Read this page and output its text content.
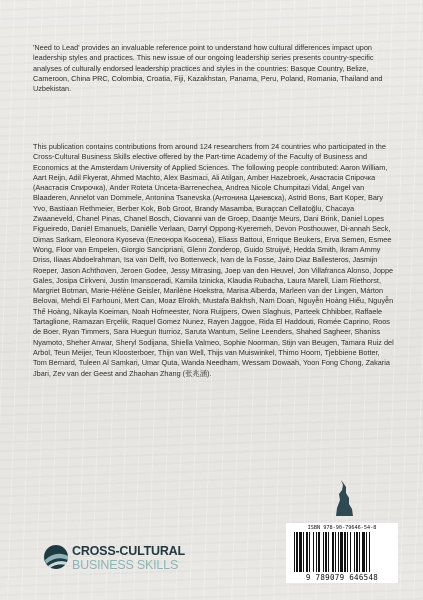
'Need to Lead' provides an invaluable reference point to understand how cultural differences impact upon leadership styles and practices. This new issue of our ongoing leadership series presents country-specific analyses of culturally endorsed leadership practices and styles in the countries: Basque Country, Belize, Cameroon, China PRC, Colombia, Croatia, Fiji, Kazakhstan, Panama, Peru, Poland, Romania, Thailand and Uzbekistan.

This publication contains contributions from around 124 researchers from 24 countries who participated in the Cross-Cultural Business Skills elective offered by the Part-time Academy of the Faculty of Business and Economics at the Amsterdam University of Applied Sciences. The following people contributed: Aaron William, Aart Reijn, Adil Fkyerat, Ahmed Machto, Alex Basmaci, Ali Atilgan, Amber Hazebroek, Анастасія Спірочка (Анастасія Спирочка), Ander Roteta Unceta-Barrenechea, Andrea Nicole Chumpitazi Vidal, Angel van Blaaderen, Annelot van Dommele, Antonina Tsanevska (Антонина Цаневска), Astrid Bons, Bart Koper, Bary Yvo, Bastiaan Rethmeier, Berber Kok, Bob Groot, Brandy Masamba, Buraçcan Cellatoğlu, Chacaya Zwaaneveld, Chanel Pinas, Chanel Bosch, Ciovanni van de Groep, Daantje Meurs, Dani Brink, Daniel Lopes Figueiredo, Daniël Emanuels, Daniëlle Verlaan, Darryl Oppong-Kyeremeh, Devon Posthouwer, Di-annah Seck, Dimas Sarkam, Eleonora Kyoseva (Елеонора Кьосева), Eliass Battoui, Enrique Beukers, Erva Semen, Esmee Wong, Floor van Empelen, Giorgio Sancipriani, Glenn Zonderop, Guido Struijvé, Hedda Smith, Ikram Ammy Driss, Iliaas Abdoelrahman, Isa van Delft, Ivo Botterweck, Ivan de la Fosse, Jairo Diaz Ballesteros, Jasmijn Roeper, Jason Achthoven, Jeroen Godee, Jessy Mitrasing, Joep van den Heuvel, Jon Villafranca Alonso, Joppe Gales, Josipa Cirkveni, Justin Imansoeradi, Kamila Izinicka, Klaudia Rubacha, Laura Marell, Liam Riethorst, Margriet Botman, Marie-Hélène Geisler, Marilène Hoekstra, Marisa Alberda, Marleen van der Lingen, Márton Belovai, Mehdi El Farhouni, Mert Can, Moaz Elrokh, Mustafa Bakhsh, Nam Doan, Nguyễn Hoàng Hiếu, Nguyễn Thế Hoàng, Nikayla Koeiman, Noah Hofmeester, Nora Ruijpers, Owen Slaghuis, Parteek Chhibber, Raffaele Tartaglione, Ramazan Erçelik, Raquel Gomez Nunez, Rayen Jaggoe, Rida El Haddouti, Romée Caprino, Roos de Boer, Ryan Timmers, Sara Huegun Iturrioz, Saruta Wantum, Seline Leenders, Shahed Sagheer, Shaniss Nyamoto, Sheher Anwar, Sheryl Sodijana, Shiella Valmeo, Sophie Noorman, Stijn van Beugen, Tamara Ruiz del Arbol, Teun Meijer, Teun Kloosterboer, Thijn van Well, Thijs van Muiswinkel, Thimo Hoorn, Tjebbiene Botter, Tom Bernard, Tuleen Al Samkari, Umar Quta, Wanda Needham, Wessam Dowaah, Yoon Fong Chong, Zakaria Jbari, Zev van der Geest and Zhaohan Zhang (张兆涵).

ISBN 978-90-79646-54-8
9 789079 646548
CROSS-CULTURAL
BUSINESS SKILLS
